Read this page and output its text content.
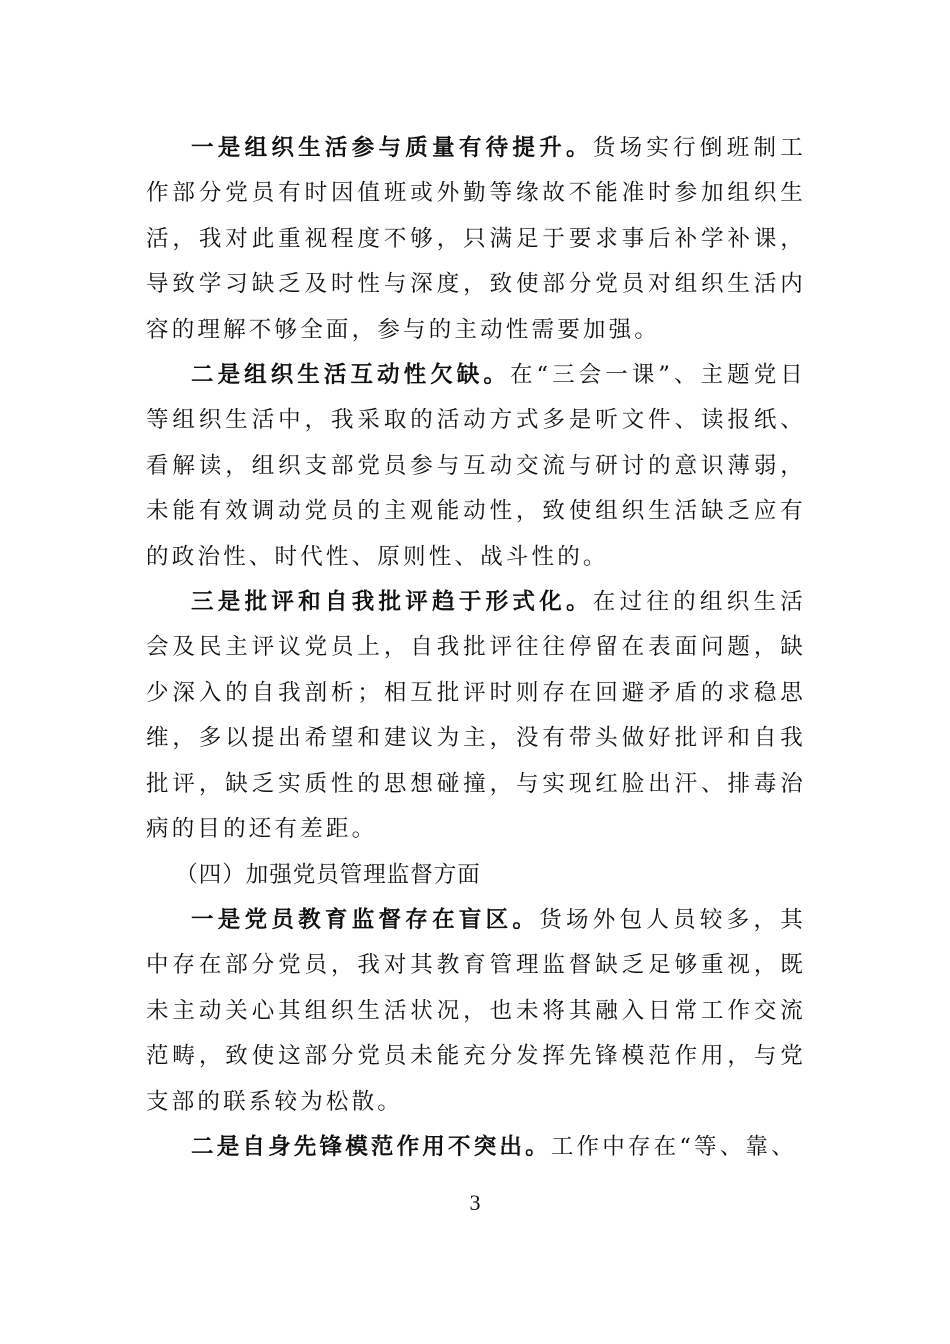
一是组织生活参与质量有待提升。货场实行倒班制工作部分党员有时因值班或外勤等缘故不能准时参加组织生活，我对此重视程度不够，只满足于要求事后补学补课，导致学习缺乏及时性与深度，致使部分党员对组织生活内容的理解不够全面，参与的主动性需要加强。

二是组织生活互动性欠缺。在“三会一课”、主题党日等组织生活中，我采取的活动方式多是听文件、读报纸、看解读，组织支部党员参与互动交流与研讨的意识薄弱，未能有效调动党员的主观能动性，致使组织生活缺乏应有的政治性、时代性、原则性、战斗性的。

三是批评和自我批评趋于形式化。在过往的组织生活会及民主评议党员上，自我批评往往停留在表面问题，缺少深入的自我剖析；相互批评时则存在回避矛盾的求稳思维，多以提出希望和建议为主，没有带头做好批评和自我批评，缺乏实质性的思想碰撞，与实现红脸出汗、排毒治病的目的还有差距。

（四）加强党员管理监督方面

一是党员教育监督存在盲区。货场外包人员较多，其中存在部分党员，我对其教育管理监督缺乏足够重视，既未主动关心其组织生活状况，也未将其融入日常工作交流范畴，致使这部分党员未能充分发挥先锋模范作用，与党支部的联系较为松散。

二是自身先锋模范作用不突出。工作中存在“等、靠、

3
